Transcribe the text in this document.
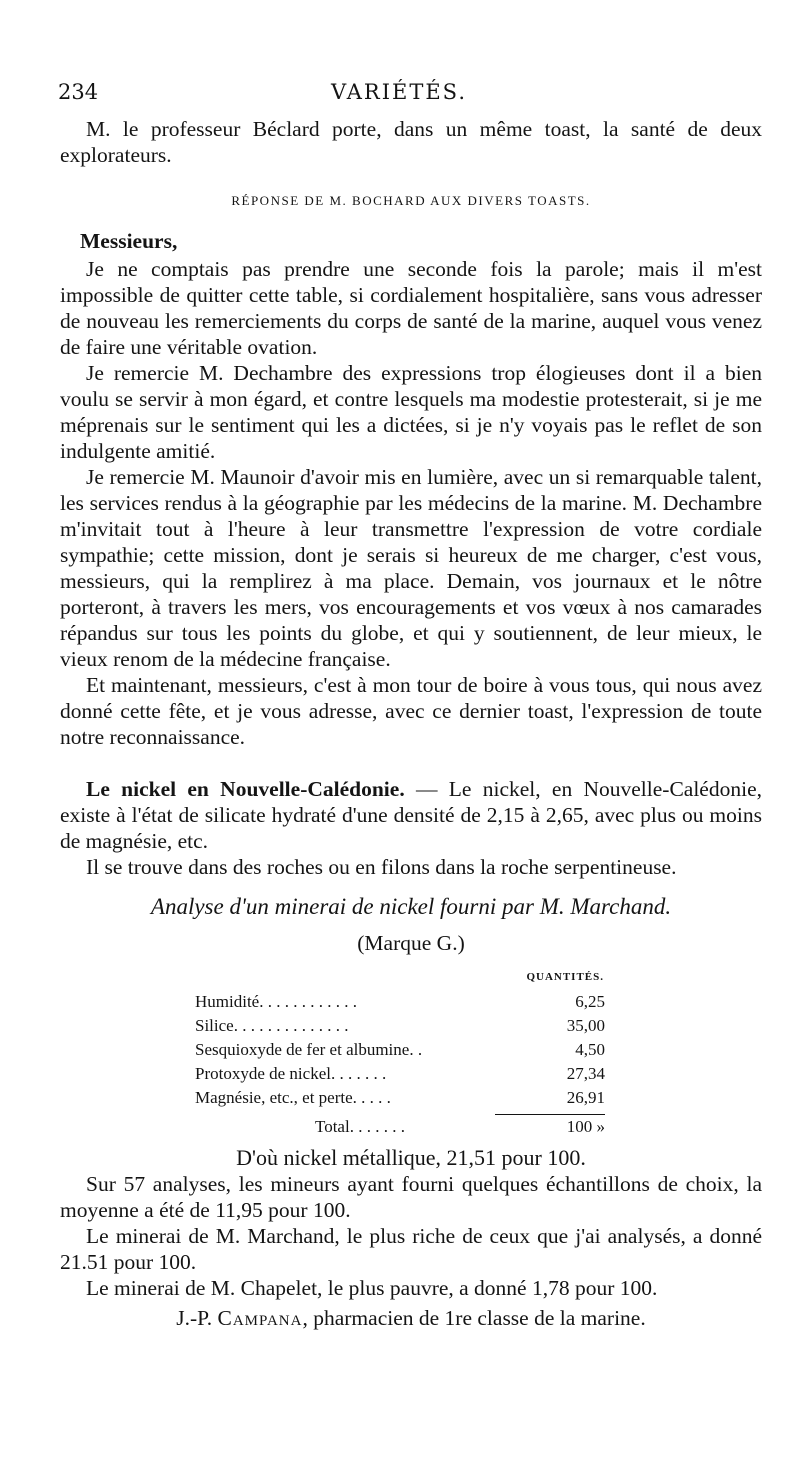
234	VARIÉTÉS.

M. le professeur Béclard porte, dans un même toast, la santé de deux explorateurs.

RÉPONSE DE M. BOCHARD AUX DIVERS TOASTS.
Messieurs,

Je ne comptais pas prendre une seconde fois la parole; mais il m'est impossible de quitter cette table, si cordialement hospitalière, sans vous adresser de nouveau les remerciements du corps de santé de la marine, auquel vous venez de faire une véritable ovation.

Je remercie M. Dechambre des expressions trop élogieuses dont il a bien voulu se servir à mon égard, et contre lesquels ma modestie protesterait, si je me méprenais sur le sentiment qui les a dictées, si je n'y voyais pas le reflet de son indulgente amitié.

Je remercie M. Maunoir d'avoir mis en lumière, avec un si remarquable talent, les services rendus à la géographie par les médecins de la marine. M. Dechambre m'invitait tout à l'heure à leur transmettre l'expression de votre cordiale sympathie; cette mission, dont je serais si heureux de me charger, c'est vous, messieurs, qui la remplirez à ma place. Demain, vos journaux et le nôtre porteront, à travers les mers, vos encouragements et vos vœux à nos camarades répandus sur tous les points du globe, et qui y soutiennent, de leur mieux, le vieux renom de la médecine française.

Et maintenant, messieurs, c'est à mon tour de boire à vous tous, qui nous avez donné cette fête, et je vous adresse, avec ce dernier toast, l'expression de toute notre reconnaissance.

Le nickel en Nouvelle-Calédonie. — Le nickel, en Nouvelle-Calédonie, existe à l'état de silicate hydraté d'une densité de 2,15 à 2,65, avec plus ou moins de magnésie, etc.

Il se trouve dans des roches ou en filons dans la roche serpentineuse.

Analyse d'un minerai de nickel fourni par M. Marchand.
(Marque G.)
	QUANTITÉS.
Humidité. . . . . . . . . . . .	6,25
Silice. . . . . . . . . . . . . .	35,00
Sesquioxyde de fer et albumine. .	4,50
Protoxyde de nickel. . . . . . .	27,34
Magnésie, etc., et perte. . . . .	26,91

Total. . . . . . .	100 »
D'où nickel métallique, 21,51 pour 100.

Sur 57 analyses, les mineurs ayant fourni quelques échantillons de choix, la moyenne a été de 11,95 pour 100.

Le minerai de M. Marchand, le plus riche de ceux que j'ai analysés, a donné 21.51 pour 100.

Le minerai de M. Chapelet, le plus pauvre, a donné 1,78 pour 100.

J.-P. Campana, pharmacien de 1re classe de la marine.
